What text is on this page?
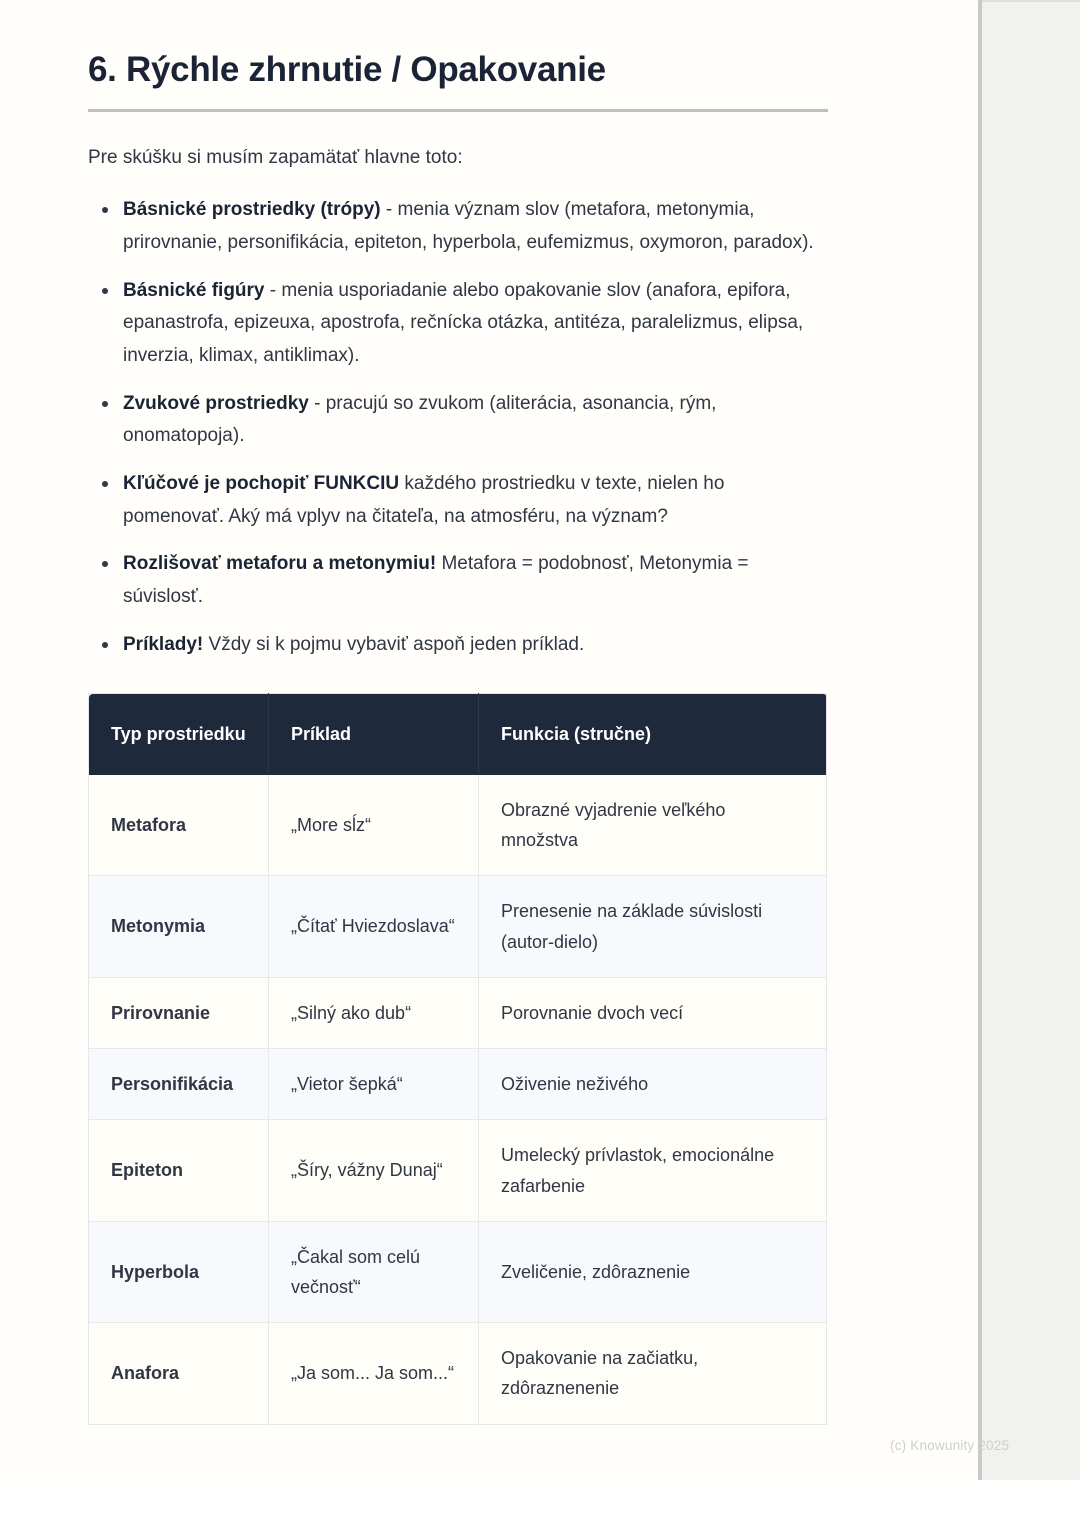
6. Rýchle zhrnutie / Opakovanie

Pre skúšku si musím zapamätať hlavne toto:

Básnické prostriedky (trópy) - menia význam slov (metafora, metonymia, prirovnanie, personifikácia, epiteton, hyperbola, eufemizmus, oxymoron, paradox).
Básnické figúry - menia usporiadanie alebo opakovanie slov (anafora, epifora, epanastrofa, epizeuxa, apostrofa, rečnícka otázka, antitéza, paralelizmus, elipsa, inverzia, klimax, antiklimax).
Zvukové prostriedky - pracujú so zvukom (aliterácia, asonancia, rým, onomatopoja).
Kľúčové je pochopiť FUNKCIU každého prostriedku v texte, nielen ho pomenovať. Aký má vplyv na čitateľa, na atmosféru, na význam?
Rozlišovať metaforu a metonymiu! Metafora = podobnosť, Metonymia = súvislosť.
Príklady! Vždy si k pojmu vybaviť aspoň jeden príklad.
Typ prostriedku	Príklad	Funkcia (stručne)
Metafora	„More sĺz“	Obrazné vyjadrenie veľkého množstva
Metonymia	„Čítať Hviezdoslava“	Prenesenie na základe súvislosti (autor-dielo)
Prirovnanie	„Silný ako dub“	Porovnanie dvoch vecí
Personifikácia	„Vietor šepká“	Oživenie neživého
Epiteton	„Šíry, vážny Dunaj“	Umelecký prívlastok, emocionálne zafarbenie
Hyperbola	„Čakal som celú večnosť“	Zveličenie, zdôraznenie
Anafora	„Ja som... Ja som...“	Opakovanie na začiatku, zdôraznenenie
(c) Knowunity 2025
